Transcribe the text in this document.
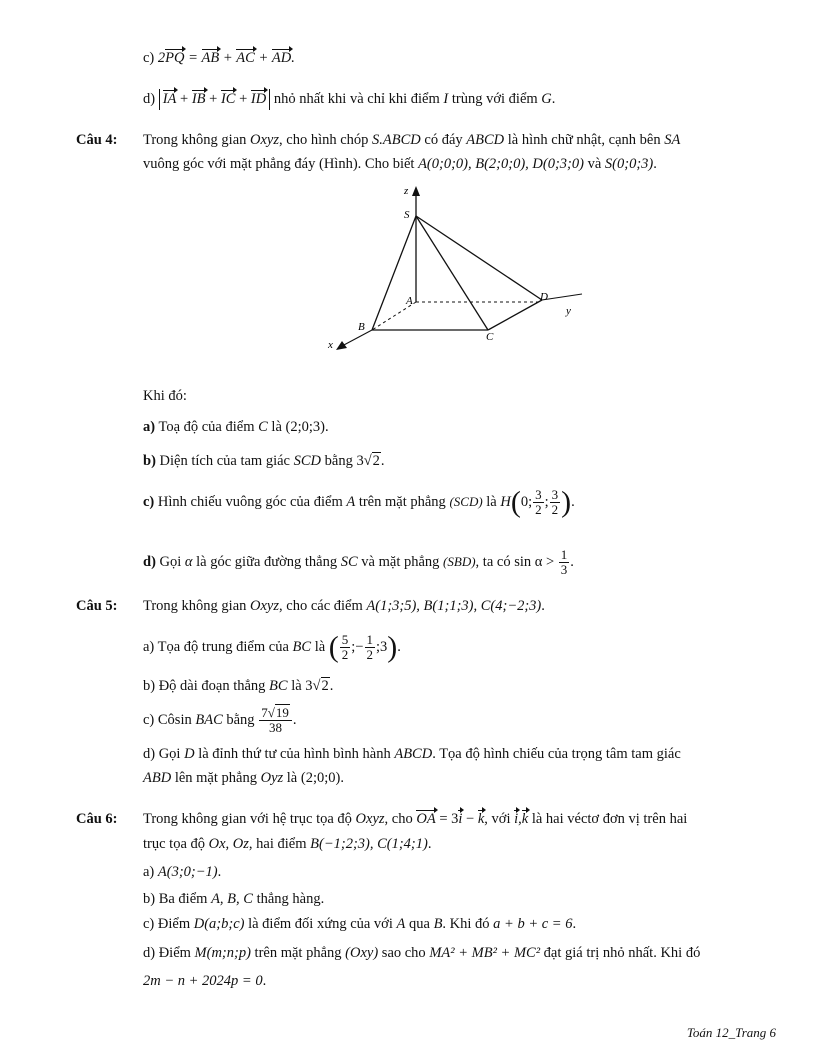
c) 2PQ = AB + AC + AD.
d) IA + IB + IC + ID nhỏ nhất khi và chỉ khi điểm I trùng với điểm G.
Câu 4: Trong không gian Oxyz, cho hình chóp S.ABCD có đáy ABCD là hình chữ nhật, cạnh bên SA
vuông góc với mặt phẳng đáy (Hình). Cho biết A(0;0;0), B(2;0;0), D(0;3;0) và S(0;0;3).
z
S
A	D
y
B
C
x
Khi đó:
a) Toạ độ của điểm C là (2;0;3).
b) Diện tích của tam giác SCD bằng 3√2.
c) Hình chiếu vuông góc của điểm A trên mặt phẳng (SCD) là H(0; $\frac{3}{2}$ ; $\frac{3}{2}$ ).
d) Gọi α là góc giữa đường thẳng SC và mặt phẳng (SBD), ta có $\sin \alpha > \frac{1}{3}$ .
Câu 5: Trong không gian Oxyz, cho các điểm A(1;3;5), B(1;1;3), C(4;−2;3).
a) Tọa độ trung điểm của BC là ( $\frac{5}{2}$ ;− $\frac{1}{2}$ ;3).
b) Độ dài đoạn thẳng BC là 3√2.
c) Côsin BAC bằng $\frac{7√19}{38}$ .
d) Gọi D là đỉnh thứ tư của hình bình hành ABCD. Tọa độ hình chiếu của trọng tâm tam giác
ABD lên mặt phẳng Oyz là (2;0;0).
Câu 6: Trong không gian với hệ trục tọa độ Oxyz, cho OA = 3i − k, với i,k là hai véctơ đơn vị trên hai
trục tọa độ Ox, Oz, hai điểm B(−1;2;3), C(1;4;1).
a) A(3;0;−1).
b) Ba điểm A, B, C thẳng hàng.
c) Điểm D(a;b;c) là điểm đối xứng của với A qua B. Khi đó a + b + c = 6.
d) Điểm M(m;n;p) trên mặt phẳng (Oxy) sao cho MA² + MB² + MC² đạt giá trị nhỏ nhất. Khi đó
2m − n + 2024p = 0.
Toán 12_Trang 6
